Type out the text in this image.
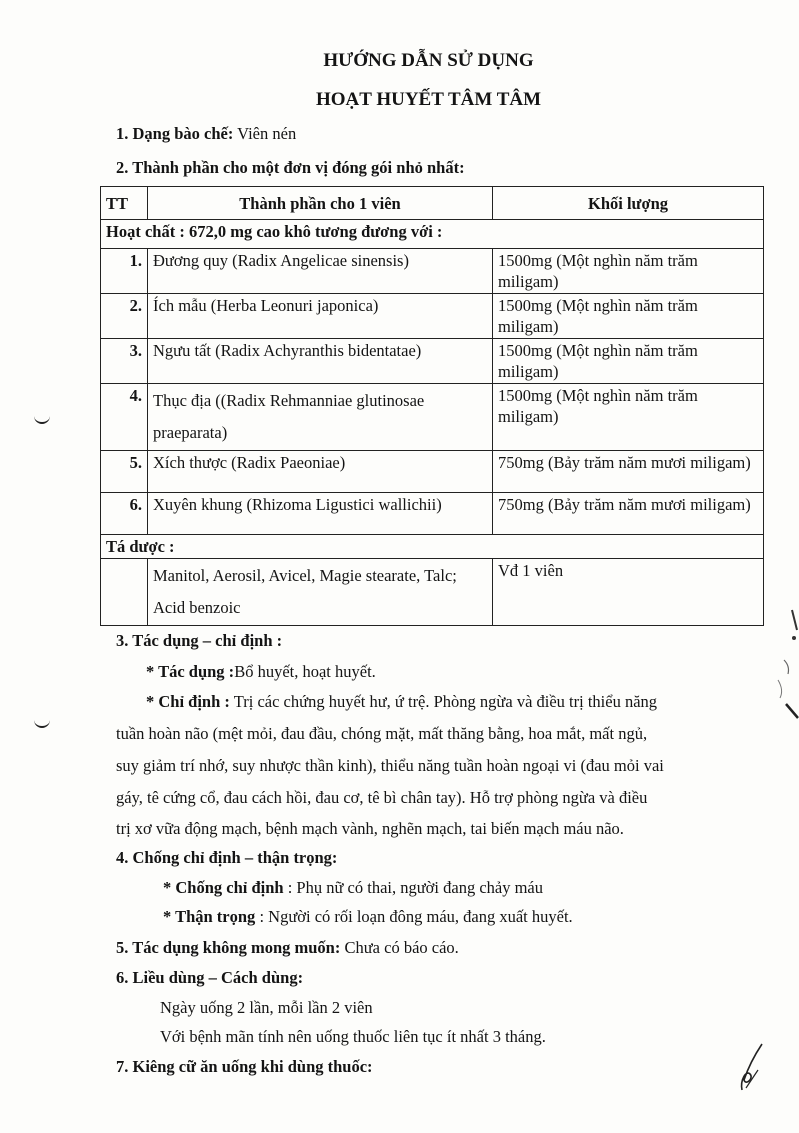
HƯỚNG DẪN SỬ DỤNG
HOẠT HUYẾT TÂM TÂM
1. Dạng bào chế: Viên nén
2. Thành phần cho một đơn vị đóng gói nhỏ nhất:
TT	Thành phần cho 1 viên	Khối lượng
Hoạt chất : 672,0 mg cao khô tương đương với :		
1.	Đương quy (Radix Angelicae sinensis)	1500mg (Một nghìn năm trăm miligam)
2.	Ích mẫu (Herba Leonuri japonica)	1500mg (Một nghìn năm trăm miligam)
3.	Ngưu tất (Radix Achyranthis bidentatae)	1500mg (Một nghìn năm trăm miligam)
4.	Thục địa ((Radix Rehmanniae glutinosae praeparata)	1500mg (Một nghìn năm trăm miligam)
5.	Xích thược (Radix Paeoniae)	750mg (Bảy trăm năm mươi miligam)
6.	Xuyên khung (Rhizoma Ligustici wallichii)	750mg (Bảy trăm năm mươi miligam)
Tá dược :		
	Manitol, Aerosil, Avicel, Magie stearate, Talc; Acid benzoic	Vđ 1 viên
3. Tác dụng – chỉ định :
* Tác dụng :Bổ huyết, hoạt huyết.
* Chỉ định : Trị các chứng huyết hư, ứ trệ. Phòng ngừa và điều trị thiểu năng
tuần hoàn não (mệt mỏi, đau đầu, chóng mặt, mất thăng bằng, hoa mắt, mất ngủ,
suy giảm trí nhớ, suy nhược thần kinh), thiểu năng tuần hoàn ngoại vi (đau mỏi vai
gáy, tê cứng cổ, đau cách hồi, đau cơ, tê bì chân tay). Hỗ trợ phòng ngừa và điều
trị xơ vữa động mạch, bệnh mạch vành, nghẽn mạch, tai biến mạch máu não.
4. Chống chỉ định – thận trọng:
* Chống chỉ định : Phụ nữ có thai, người đang chảy máu
* Thận trọng : Người có rối loạn đông máu, đang xuất huyết.
5. Tác dụng không mong muốn: Chưa có báo cáo.
6. Liều dùng – Cách dùng:
Ngày uống 2 lần, mỗi lần 2 viên
Với bệnh mãn tính nên uống thuốc liên tục ít nhất 3 tháng.
7. Kiêng cữ ăn uống khi dùng thuốc:
